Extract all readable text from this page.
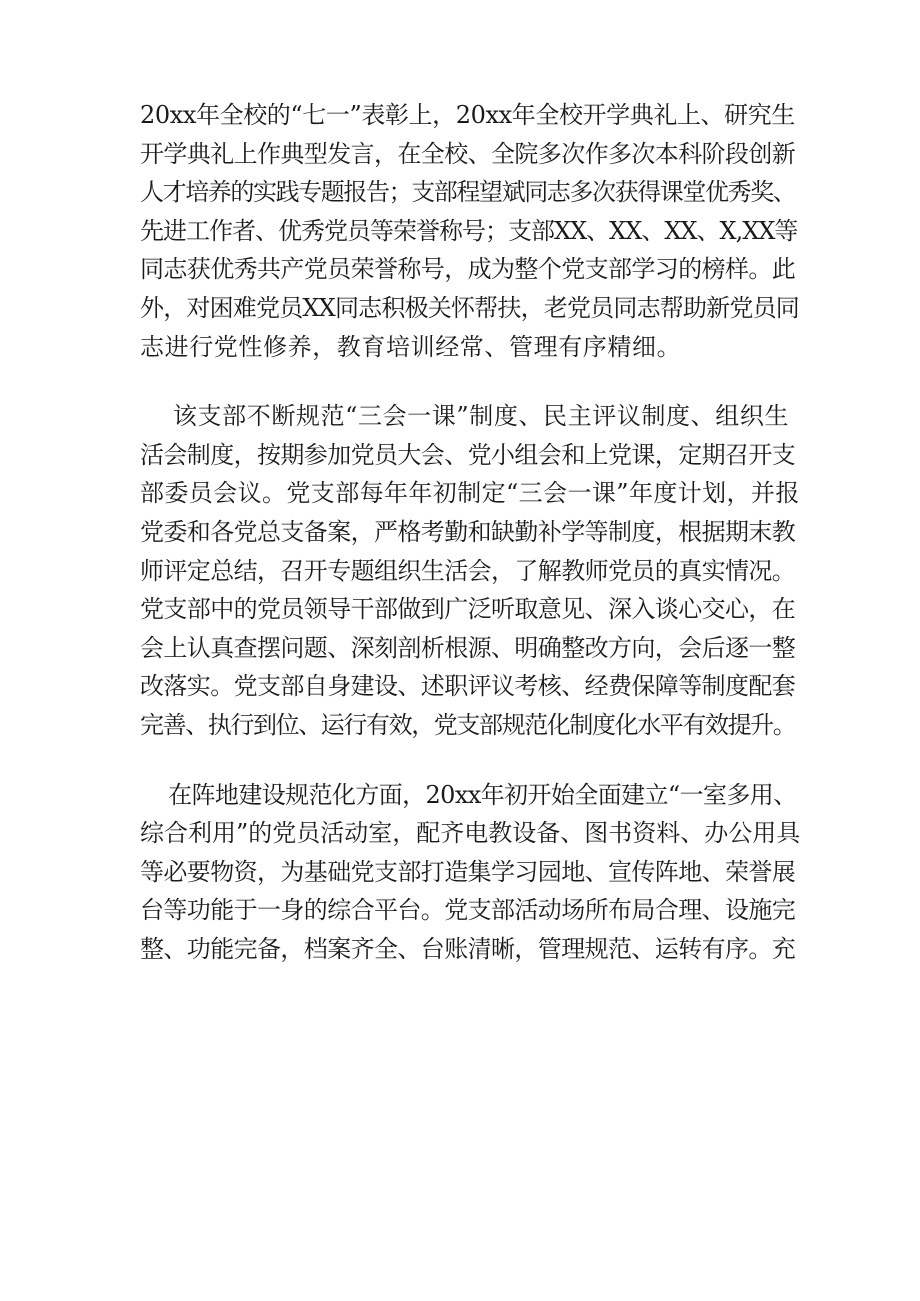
20xx年全校的“七一”表彰上，20xx年全校开学典礼上、研究生
开学典礼上作典型发言，在全校、全院多次作多次本科阶段创新
人才培养的实践专题报告；支部程望斌同志多次获得课堂优秀奖、
先进工作者、优秀党员等荣誉称号；支部XX、XX、XX、X,XX等
同志获优秀共产党员荣誉称号，成为整个党支部学习的榜样。此
外，对困难党员XX同志积极关怀帮扶，老党员同志帮助新党员同
志进行党性修养，教育培训经常、管理有序精细。

该支部不断规范“三会一课”制度、民主评议制度、组织生
活会制度，按期参加党员大会、党小组会和上党课，定期召开支
部委员会议。党支部每年年初制定“三会一课”年度计划，并报
党委和各党总支备案，严格考勤和缺勤补学等制度，根据期末教
师评定总结，召开专题组织生活会，了解教师党员的真实情况。
党支部中的党员领导干部做到广泛听取意见、深入谈心交心，在
会上认真查摆问题、深刻剖析根源、明确整改方向，会后逐一整
改落实。党支部自身建设、述职评议考核、经费保障等制度配套
完善、执行到位、运行有效，党支部规范化制度化水平有效提升。

在阵地建设规范化方面，20xx年初开始全面建立“一室多用、
综合利用”的党员活动室，配齐电教设备、图书资料、办公用具
等必要物资，为基础党支部打造集学习园地、宣传阵地、荣誉展
台等功能于一身的综合平台。党支部活动场所布局合理、设施完
整、功能完备，档案齐全、台账清晰，管理规范、运转有序。充
